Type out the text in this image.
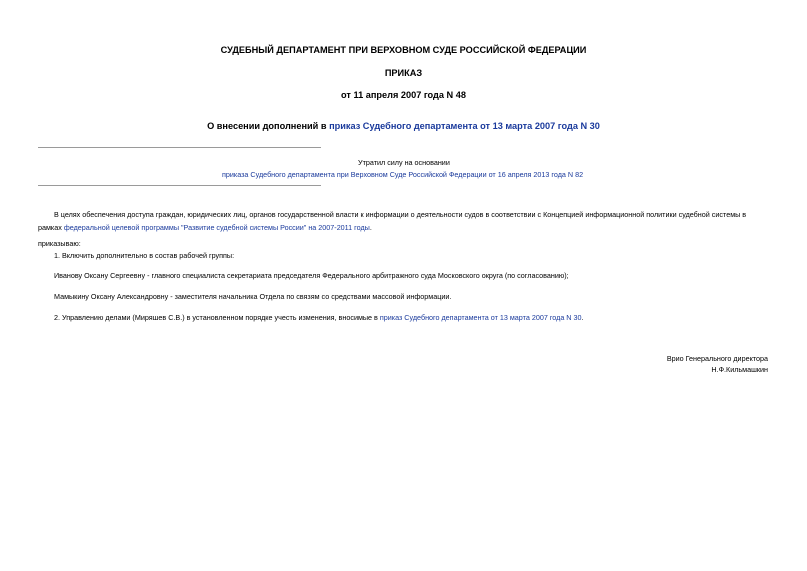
СУДЕБНЫЙ ДЕПАРТАМЕНТ ПРИ ВЕРХОВНОМ СУДЕ РОССИЙСКОЙ ФЕДЕРАЦИИ
ПРИКАЗ
от 11 апреля 2007 года N 48
О внесении дополнений в приказ Судебного департамента от 13 марта 2007 года N 30
Утратил силу на основании
приказа Судебного департамента при Верховном Суде Российской Федерации от 16 апреля 2013 года N 82
В целях обеспечения доступа граждан, юридических лиц, органов государственной власти к информации о деятельности судов в соответствии с Концепцией информационной политики судебной системы в рамках федеральной целевой программы "Развитие судебной системы России" на 2007-2011 годы.
приказываю:
1. Включить дополнительно в состав рабочей группы:
Иванову Оксану Сергеевну - главного специалиста секретариата председателя Федерального арбитражного суда Московского округа (по согласованию);
Мамыкину Оксану Александровну - заместителя начальника Отдела по связям со средствами массовой информации.
2. Управлению делами (Миряшев С.В.) в установленном порядке учесть изменения, вносимые в приказ Судебного департамента от 13 марта 2007 года N 30.
Врио Генерального директора
Н.Ф.Кильмашкин
